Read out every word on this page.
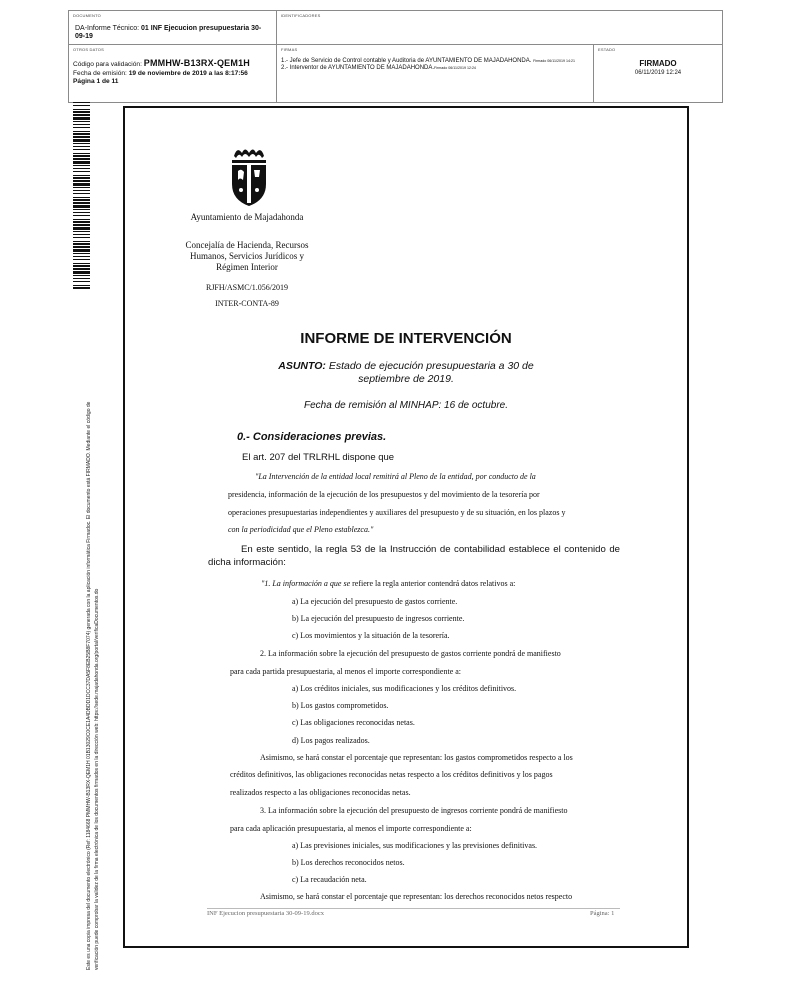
DOCUMENTO
DA-Informe Técnico: 01 INF Ejecucion presupuestaria 30-09-19
IDENTIFICADORES
OTROS DATOS
Código para validación: PMMHW-B13RX-QEM1H
Fecha de emisión: 19 de noviembre de 2019 a las 8:17:56
Página 1 de 11
FIRMAS
1.- Jefe de Servicio de Control contable y Auditoria de AYUNTAMIENTO DE MAJADAHONDA. Firmado 06/11/2019 14:21
2.- Interventor de AYUNTAMIENTO DE MAJADAHONDA.Firmado 06/11/2019 12:24
ESTADO
FIRMADO
06/11/2019 12:24
Este es una copia impresa del documento electrónico (Ref: 1184668 PMMHW-B13RX-QEM1H 01B13029C0CE1A4DBDD1DCC37DA5F8EB25B8F7074) generada con la aplicación informática Firmadoc. El documento está FIRMADO. Mediante el código de verificación puede comprobar la validez de la firma electrónica de los documentos firmados en la dirección web: https://sede.majadahonda.org/portal/verificaDocumentos.do
Ayuntamiento de Majadahonda
Concejalía de Hacienda, Recursos Humanos, Servicios Jurídicos y Régimen Interior
RJFH/ASMC/1.056/2019
INTER-CONTA-89
INFORME DE INTERVENCIÓN
ASUNTO: Estado de ejecución presupuestaria a 30 de septiembre de 2019.
Fecha de remisión al MINHAP: 16 de octubre.
0.- Consideraciones previas.
El art. 207 del TRLRHL dispone que
"La Intervención de la entidad local remitirá al Pleno de la entidad, por conducto de la
presidencia, información de la ejecución de los presupuestos y del movimiento de la tesorería por
operaciones presupuestarias independientes y auxiliares del presupuesto y de su situación, en los plazos y
con la periodicidad que el Pleno establezca."
En este sentido, la regla 53 de la Instrucción de contabilidad establece el contenido de dicha información:
"1. La información a que se refiere la regla anterior contendrá datos relativos a:
a) La ejecución del presupuesto de gastos corriente.
b) La ejecución del presupuesto de ingresos corriente.
c) Los movimientos y la situación de la tesorería.
2. La información sobre la ejecución del presupuesto de gastos corriente pondrá de manifiesto
para cada partida presupuestaria, al menos el importe correspondiente a:
a) Los créditos iniciales, sus modificaciones y los créditos definitivos.
b) Los gastos comprometidos.
c) Las obligaciones reconocidas netas.
d) Los pagos realizados.
Asimismo, se hará constar el porcentaje que representan: los gastos comprometidos respecto a los
créditos definitivos, las obligaciones reconocidas netas respecto a los créditos definitivos y los pagos
realizados respecto a las obligaciones reconocidas netas.
3. La información sobre la ejecución del presupuesto de ingresos corriente pondrá de manifiesto
para cada aplicación presupuestaria, al menos el importe correspondiente a:
a) Las previsiones iniciales, sus modificaciones y las previsiones definitivas.
b) Los derechos reconocidos netos.
c) La recaudación neta.
Asimismo, se hará constar el porcentaje que representan: los derechos reconocidos netos respecto
INF Ejecucion presupuestaria 30-09-19.docx	Página: 1
